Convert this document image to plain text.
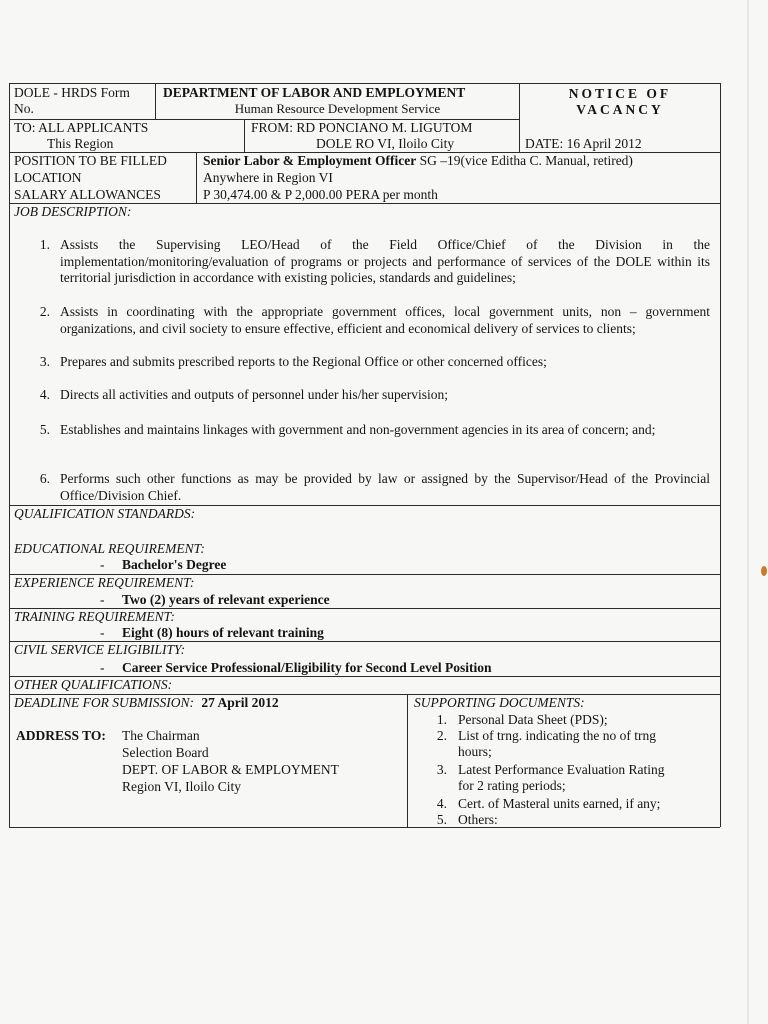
DOLE - HRDS Form
No.
DEPARTMENT OF LABOR AND EMPLOYMENT
Human Resource Development Service
NOTICE OF
VACANCY
TO: ALL APPLICANTS
This Region
FROM: RD PONCIANO M. LIGUTOM
DOLE RO VI, Iloilo City	DATE: 16 April 2012
POSITION TO BE FILLED	Senior Labor & Employment Officer SG –19(vice Editha C. Manual, retired)
LOCATION	Anywhere in Region VI
SALARY ALLOWANCES	P 30,474.00 & P 2,000.00 PERA per month
JOB DESCRIPTION:
1. Assists the Supervising LEO/Head of the Field Office/Chief of the Division in the implementation/monitoring/evaluation of programs or projects and performance of services of the DOLE within its territorial jurisdiction in accordance with existing policies, standards and guidelines;
2. Assists in coordinating with the appropriate government offices, local government units, non – government organizations, and civil society to ensure effective, efficient and economical delivery of services to clients;
3. Prepares and submits prescribed reports to the Regional Office or other concerned offices;
4. Directs all activities and outputs of personnel under his/her supervision;
5. Establishes and maintains linkages with government and non-government agencies in its area of concern; and;
6. Performs such other functions as may be provided by law or assigned by the Supervisor/Head of the Provincial Office/Division Chief.
QUALIFICATION STANDARDS:
EDUCATIONAL REQUIREMENT:
- Bachelor's Degree
EXPERIENCE REQUIREMENT:
- Two (2) years of relevant experience
TRAINING REQUIREMENT:
- Eight (8) hours of relevant training
CIVIL SERVICE ELIGIBILITY:
- Career Service Professional/Eligibility for Second Level Position
OTHER QUALIFICATIONS:
DEADLINE FOR SUBMISSION: 27 April 2012
ADDRESS TO: The Chairman
Selection Board
DEPT. OF LABOR & EMPLOYMENT
Region VI, Iloilo City
SUPPORTING DOCUMENTS:
1. Personal Data Sheet (PDS);
2. List of trng. indicating the no of trng
hours;
3. Latest Performance Evaluation Rating
for 2 rating periods;
4. Cert. of Masteral units earned, if any;
5. Others:
